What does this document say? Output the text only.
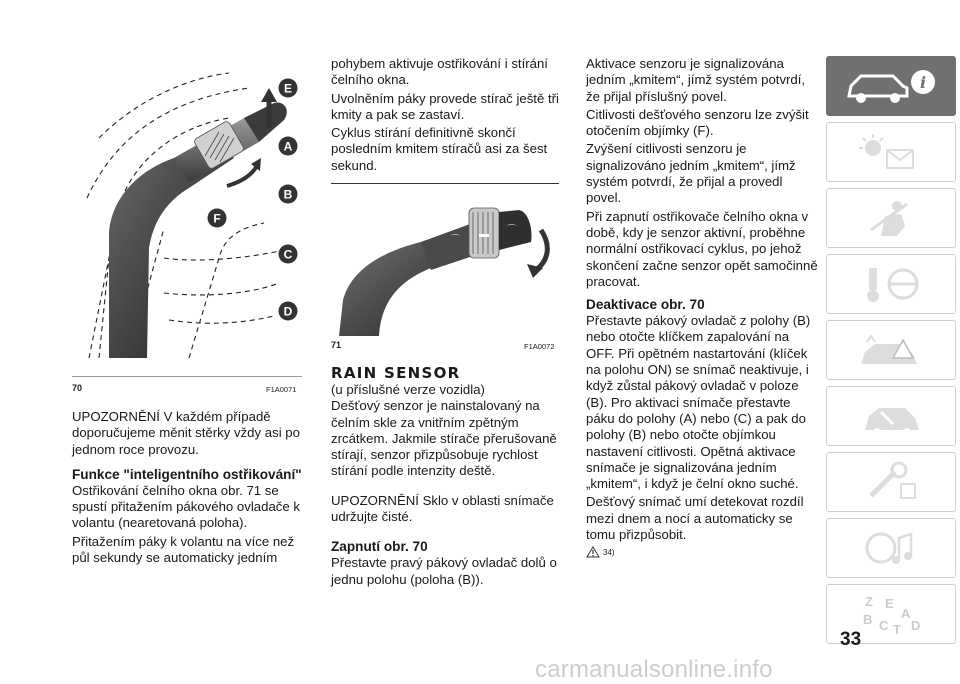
⚐
E
A
B
F
C
D
70	F1A0071

UPOZORNĚNÍ V každém případě doporučujeme měnit stěrky vždy asi po jednom roce provozu.

Funkce "inteligentního ostřikování"

Ostřikování čelního okna obr. 71 se spustí přitažením pákového ovladače k volantu (nearetovaná poloha).

Přitažením páky k volantu na více než půl sekundy se automaticky jedním

pohybem aktivuje ostřikování i stírání čelního okna.

Uvolněním páky provede stírač ještě tři kmity a pak se zastaví.

Cyklus stírání definitivně skončí posledním kmitem stíračů asi za šest sekund.

⌒
⌒
71	F1A0072

RAIN SENSOR

(u příslušné verze vozidla)

Dešťový senzor je nainstalovaný na čelním skle za vnitřním zpětným zrcátkem. Jakmile stírače přerušovaně stírají, senzor přizpůsobuje rychlost stírání podle intenzity deště.

UPOZORNĚNÍ Sklo v oblasti snímače udržujte čisté.

Zapnutí obr. 70

Přestavte pravý pákový ovladač dolů o jednu polohu (poloha (B)).

Aktivace senzoru je signalizována jedním „kmitem“, jímž systém potvrdí, že přijal příslušný povel.

Citlivosti dešťového senzoru lze zvýšit otočením objímky (F).

Zvýšení citlivosti senzoru je signalizováno jedním „kmitem“, jímž systém potvrdí, že přijal a provedl povel.

Při zapnutí ostřikovače čelního okna v době, kdy je senzor aktivní, proběhne normální ostřikovací cyklus, po jehož skončení začne senzor opět samočinně pracovat.

Deaktivace obr. 70

Přestavte pákový ovladač z polohy (B) nebo otočte klíčkem zapalování na OFF. Při opětném nastartování (klíček na polohu ON) se snímač neaktivuje, i když zůstal pákový ovladač v poloze (B). Pro aktivaci snímače přestavte páku do polohy (A) nebo (C) a pak do polohy (B) nebo otočte objímkou nastavení citlivosti. Opětná aktivace snímače je signalizována jedním „kmitem“, i když je čelní okno suché.

Dešťový snímač umí detekovat rozdíl mezi dnem a nocí a automaticky se tomu přizpůsobit.

34)
i
Z E
B A
C T D
33
carmanualsonline.info
